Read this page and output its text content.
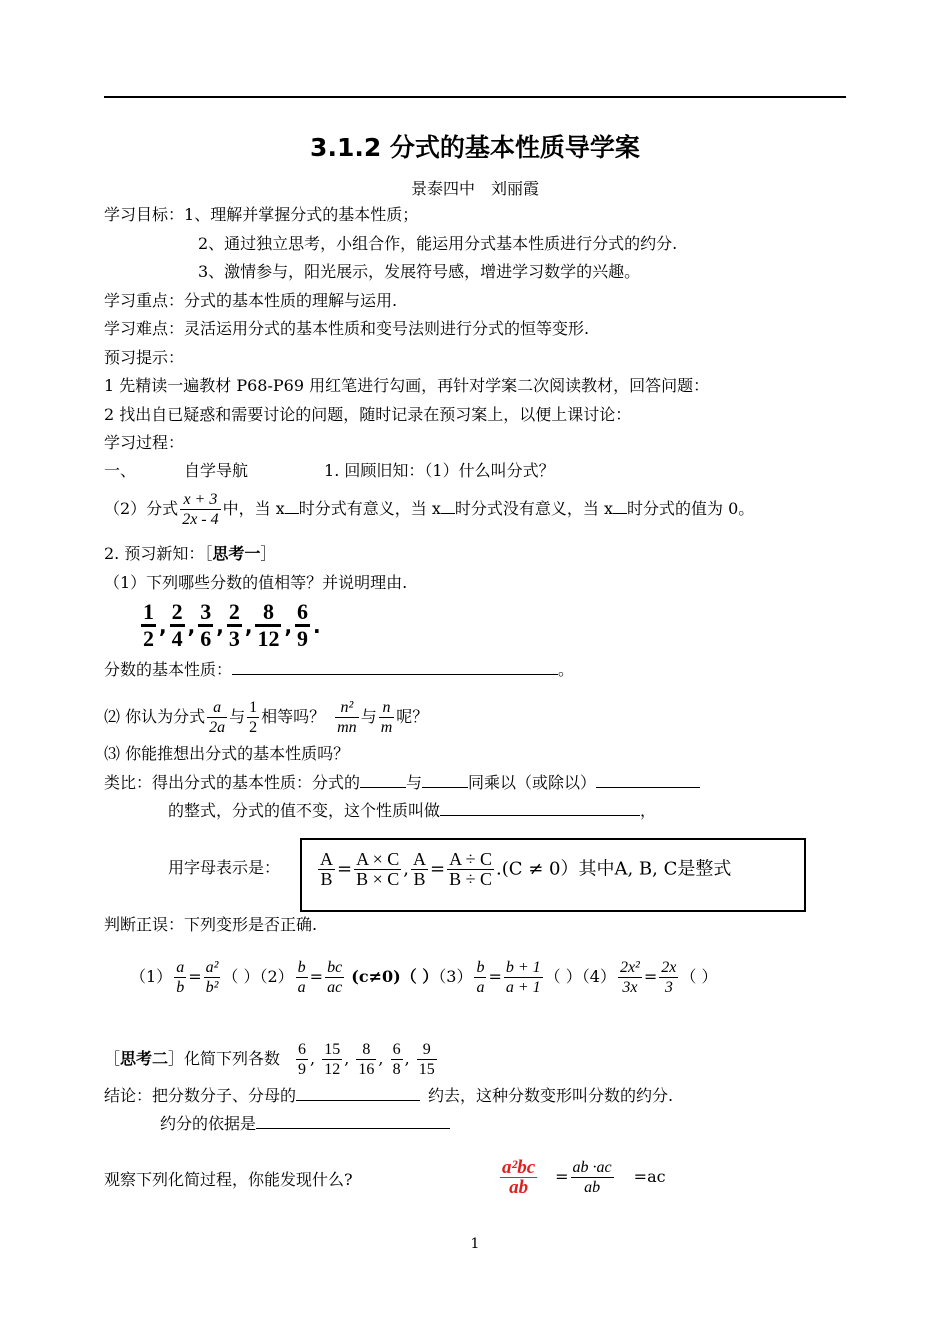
3.1.2 分式的基本性质导学案
景泰四中　刘丽霞
学习目标：1、理解并掌握分式的基本性质；
2、通过独立思考，小组合作，能运用分式基本性质进行分式的约分.
3、激情参与，阳光展示，发展符号感，增进学习数学的兴趣。
学习重点：分式的基本性质的理解与运用.
学习难点：灵活运用分式的基本性质和变号法则进行分式的恒等变形.
预习提示：
1 先精读一遍教材 P68-P69 用红笔进行勾画，再针对学案二次阅读教材，回答问题：
2 找出自已疑惑和需要讨论的问题，随时记录在预习案上，以便上课讨论：
学习过程：
一、	自学导航	1. 回顾旧知：（1）什么叫分式？
（2）分式 $\frac{x + 3}{2x - 4}$ 中，当 x 时分式有意义，当 x 时分式没有意义，当 x 时分式的值为 0。
2. 预习新知：［思考一］
（1）下列哪些分数的值相等？并说明理由.
$\frac{1}{2}$ , $\frac{2}{4}$ , $\frac{3}{6}$ , $\frac{2}{3}$ , $\frac{8}{12}$ , $\frac{6}{9}$ .
分数的基本性质：	。
⑵ 你认为分式 $\frac{a}{2a}$ 与 $\frac{1}{2}$ 相等吗？ $\frac{\text{n²}}{mn}$ 与 $\frac{n}{m}$ 呢？
⑶ 你能推想出分式的基本性质吗？
类比：得出分式的基本性质：分式的	与	同乘以（或除以）
的整式，分式的值不变，这个性质叫做	，
用字母表示是： $\frac{A}{B} = \frac{A \times C}{B \times C}$ , $\frac{A}{B} = \frac{A \div C}{B \div C} .(C \ne 0)$其中A, B, C是整式
判断正误：下列变形是否正确.
$(1) \frac{a}{b} = \frac{\text{a²}}{\text{b²}}$ （ ）$(2) \frac{b}{a} = \frac{bc}{ac} (c\ne 0)$（ ）$(3) \frac{b}{a} = \frac{b + 1}{a + 1}$ （ ）$(4) \frac{\text{2x²}}{3x} = \frac{2x}{3}$ （ ）
［思考二］化简下列各数 $\frac{6}{9}$ , $\frac{15}{12}$ , $\frac{8}{16}$ , $\frac{6}{8}$ , $\frac{9}{15}$
结论：把分数分子、分母的	约去，这种分数变形叫分数的约分.
约分的依据是
观察下列化简过程，你能发现什么?	$\frac{\text{a²bc}}{ab} = \frac{ab \cdot ac}{ab} =ac$
1
